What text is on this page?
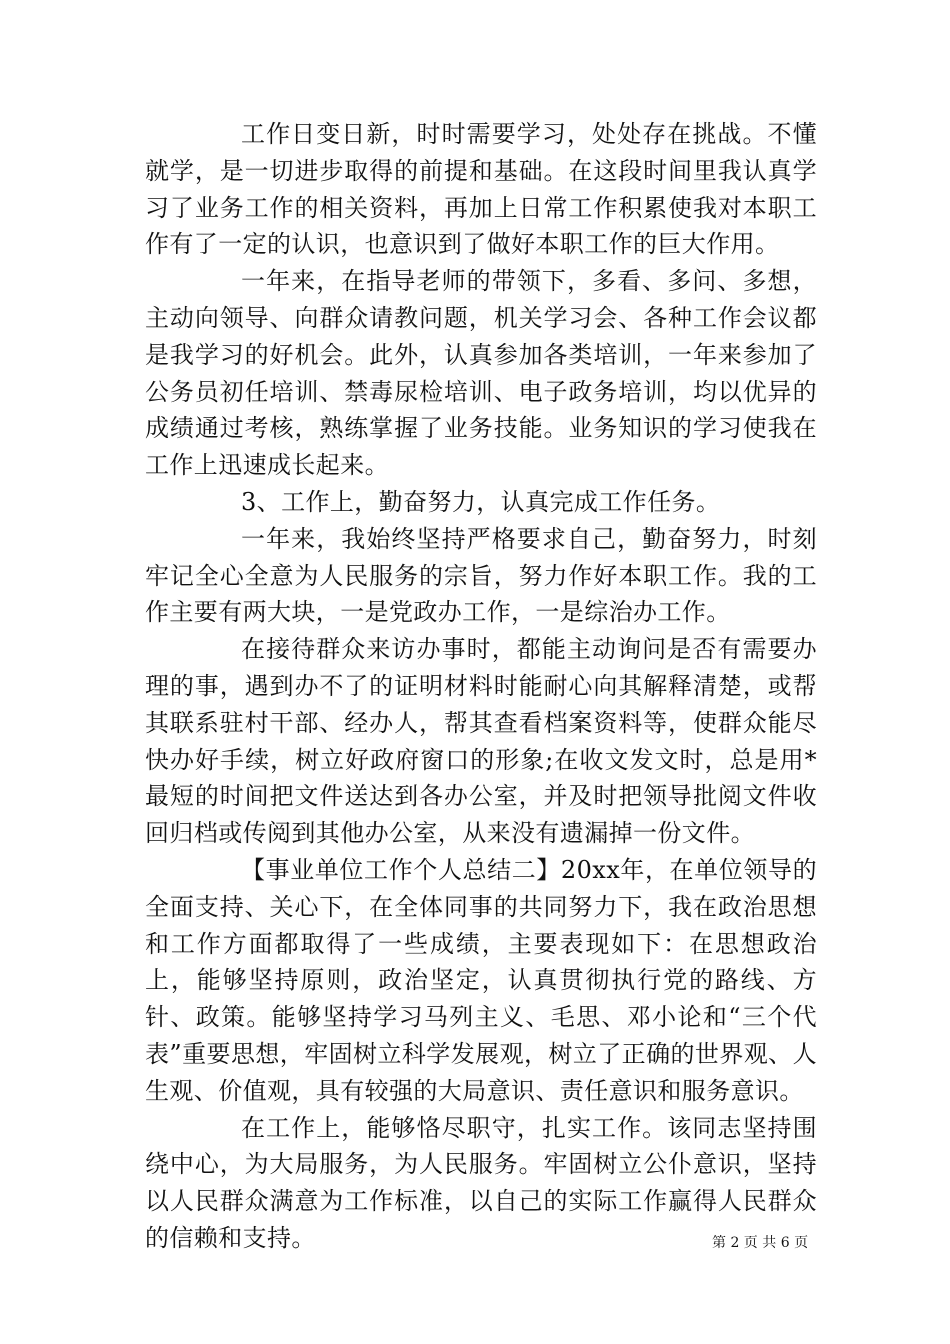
工作日变日新，时时需要学习，处处存在挑战。不懂就学，是一切进步取得的前提和基础。在这段时间里我认真学习了业务工作的相关资料，再加上日常工作积累使我对本职工作有了一定的认识，也意识到了做好本职工作的巨大作用。

一年来，在指导老师的带领下，多看、多问、多想，主动向领导、向群众请教问题，机关学习会、各种工作会议都是我学习的好机会。此外，认真参加各类培训，一年来参加了公务员初任培训、禁毒尿检培训、电子政务培训，均以优异的成绩通过考核，熟练掌握了业务技能。业务知识的学习使我在工作上迅速成长起来。

3、工作上，勤奋努力，认真完成工作任务。

一年来，我始终坚持严格要求自己，勤奋努力，时刻牢记全心全意为人民服务的宗旨，努力作好本职工作。我的工作主要有两大块，一是党政办工作，一是综治办工作。

在接待群众来访办事时，都能主动询问是否有需要办理的事，遇到办不了的证明材料时能耐心向其解释清楚，或帮其联系驻村干部、经办人，帮其查看档案资料等，使群众能尽快办好手续，树立好政府窗口的形象;在收文发文时，总是用*最短的时间把文件送达到各办公室，并及时把领导批阅文件收回归档或传阅到其他办公室，从来没有遗漏掉一份文件。

【事业单位工作个人总结二】20xx年，在单位领导的全面支持、关心下，在全体同事的共同努力下，我在政治思想和工作方面都取得了一些成绩，主要表现如下：在思想政治上，能够坚持原则，政治坚定，认真贯彻执行党的路线、方针、政策。能够坚持学习马列主义、毛思、邓小论和“三个代表”重要思想，牢固树立科学发展观，树立了正确的世界观、人生观、价值观，具有较强的大局意识、责任意识和服务意识。

在工作上，能够恪尽职守，扎实工作。该同志坚持围绕中心，为大局服务，为人民服务。牢固树立公仆意识，坚持以人民群众满意为工作标准，以自己的实际工作赢得人民群众的信赖和支持。	第 2 页 共 6 页
